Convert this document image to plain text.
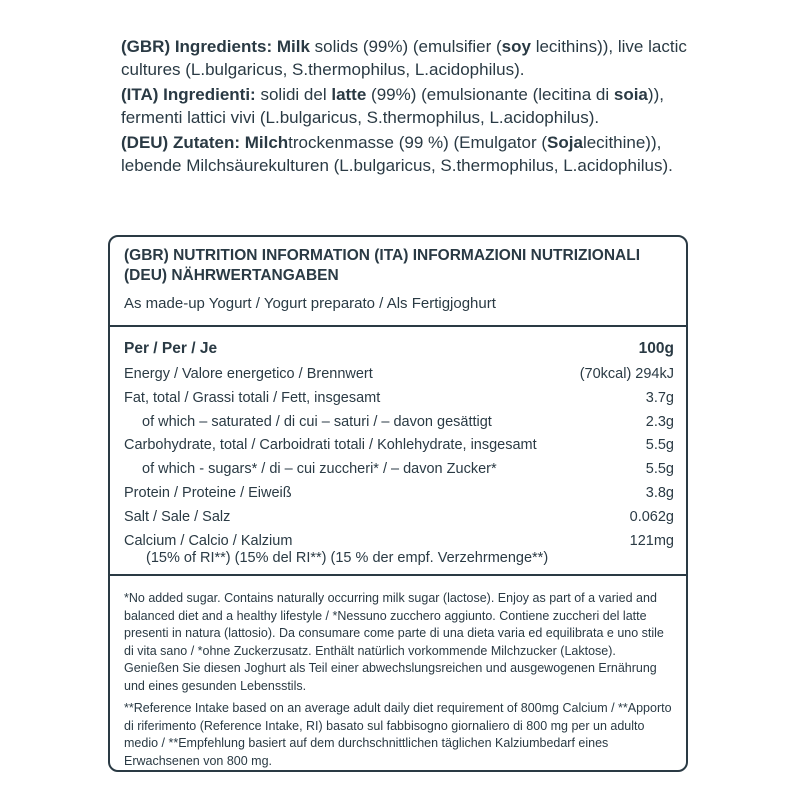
(GBR) Ingredients: Milk solids (99%) (emulsifier (soy lecithins)), live lactic cultures (L.bulgaricus, S.thermophilus, L.acidophilus).

(ITA) Ingredienti: solidi del latte (99%) (emulsionante (lecitina di soia)), fermenti lattici vivi (L.bulgaricus, S.thermophilus, L.acidophilus).

(DEU) Zutaten: Milchtrockenmasse (99 %) (Emulgator (Sojalecithine)), lebende Milchsäurekulturen (L.bulgaricus, S.thermophilus, L.acidophilus).

(GBR) NUTRITION INFORMATION (ITA) INFORMAZIONI NUTRIZIONALI (DEU) NÄHRWERTANGABEN
As made-up Yogurt / Yogurt preparato / Als Fertigjoghurt
Per / Per / Je	100g
Energy / Valore energetico / Brennwert	(70kcal) 294kJ
Fat, total / Grassi totali / Fett, insgesamt	3.7g
of which – saturated / di cui – saturi / – davon gesättigt	2.3g
Carbohydrate, total / Carboidrati totali / Kohlehydrate, insgesamt	5.5g
of which - sugars* / di – cui zuccheri* / – davon Zucker*	5.5g
Protein / Proteine / Eiweiß	3.8g
Salt / Sale / Salz	0.062g
Calcium / Calcio / Kalzium	121mg
(15% of RI**) (15% del RI**) (15 % der empf. Verzehrmenge**)
*No added sugar. Contains naturally occurring milk sugar (lactose). Enjoy as part of a varied and balanced diet and a healthy lifestyle / *Nessuno zucchero aggiunto. Contiene zuccheri del latte presenti in natura (lattosio). Da consumare come parte di una dieta varia ed equilibrata e uno stile di vita sano / *ohne Zuckerzusatz. Enthält natürlich vorkommende Milchzucker (Laktose). Genießen Sie diesen Joghurt als Teil einer abwechslungsreichen und ausgewogenen Ernährung und eines gesunden Lebensstils.
**Reference Intake based on an average adult daily diet requirement of 800mg Calcium / **Apporto di riferimento (Reference Intake, RI) basato sul fabbisogno giornaliero di 800 mg per un adulto medio / **Empfehlung basiert auf dem durchschnittlichen täglichen Kalziumbedarf eines Erwachsenen von 800 mg.
